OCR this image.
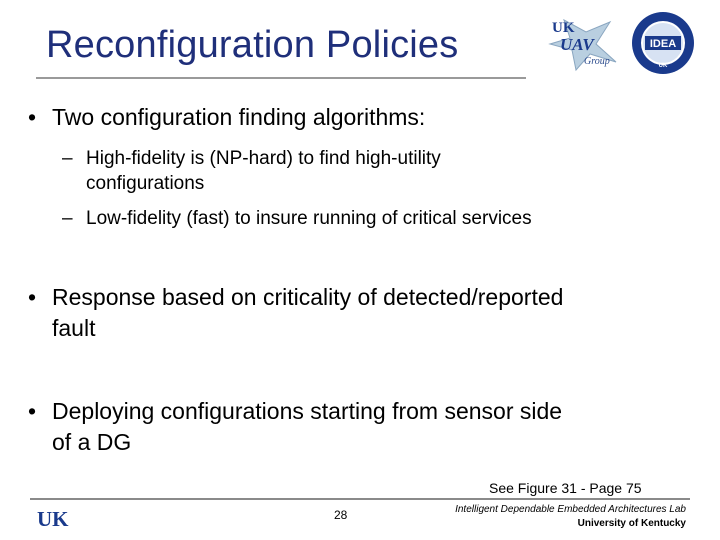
Reconfiguration Policies	UK
UAV
Group
IDEA
UK
• Two configuration finding algorithms:
– High-fidelity is (NP-hard) to find high-utility
configurations
– Low-fidelity (fast) to insure running of critical services
• Response based on criticality of detected/reported
fault
• Deploying configurations starting from sensor side
of a DG
See Figure 31 - Page 75
UK	28	Intelligent Dependable Embedded Architectures Lab
University of Kentucky
